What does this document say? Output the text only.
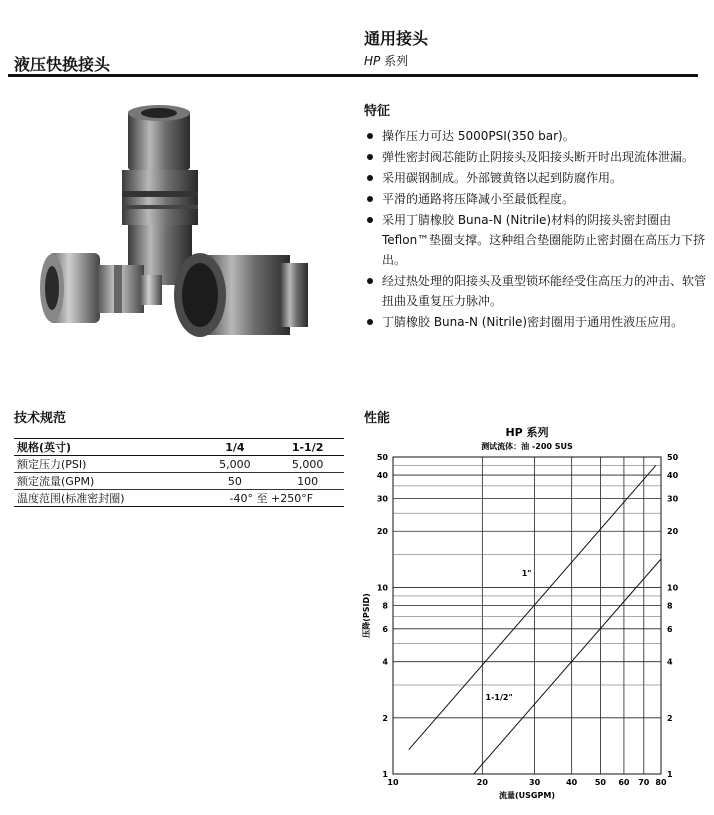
液压快换接头
通用接头
HP 系列
特征
操作压力可达 5000PSI(350 bar)。
弹性密封阀芯能防止阴接头及阳接头断开时出现流体泄漏。
采用碳钢制成。外部镀黄铬以起到防腐作用。
平滑的通路将压降减小至最低程度。
采用丁腈橡胶 Buna-N (Nitrile)材料的阴接头密封圈由Teflon™垫圈支撑。这种组合垫圈能防止密封圈在高压力下挤出。
经过热处理的阳接头及重型锁环能经受住高压力的冲击、软管扭曲及重复压力脉冲。
丁腈橡胶 Buna-N (Nitrile)密封圈用于通用性液压应用。
技术规范
规格(英寸)	1/4	1-1/2
额定压力(PSI)	5,000	5,000
额定流量(GPM)	50	100
温度范围(标准密封圈)	-40° 至 +250°F	
性能
HP 系列
测试流体：油 -200 SUS
10	20	30	40 50 60 70 80
1	1
2	2
4	4
6	6
8	8
10	10
20	20
30	30
40	40
50	50
流量(USGPM)
压降(PSID)
1"
1-1/2"
